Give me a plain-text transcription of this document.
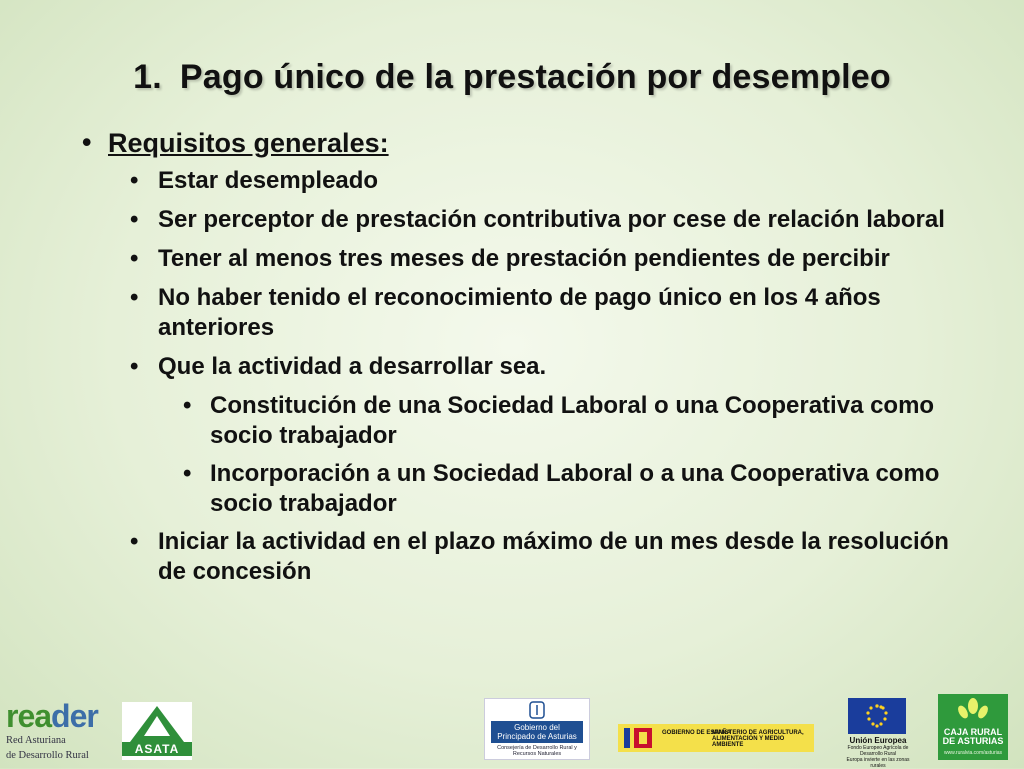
1. Pago único de la prestación por desempleo
• Requisitos generales:
• Estar desempleado
• Ser perceptor de prestación contributiva por cese de relación laboral
• Tener al menos tres meses de prestación pendientes de percibir
• No haber tenido el reconocimiento de pago único en los 4 años anteriores
• Que la actividad a desarrollar sea.
• Constitución de una Sociedad Laboral o una Cooperativa como socio trabajador
• Incorporación a un Sociedad Laboral o a una Cooperativa como socio trabajador
• Iniciar la actividad en el plazo máximo de un mes desde la resolución de concesión
reader
Red Asturiana
de Desarrollo Rural	ASATA
Gobierno del
Principado de Asturias
Consejería de Desarrollo Rural y Recursos Naturales
GOBIERNO DE ESPAÑA
MINISTERIO DE AGRICULTURA, ALIMENTACIÓN Y MEDIO AMBIENTE	Unión Europea
Fondo Europeo Agrícola de Desarrollo Rural
Europa invierte en las zonas rurales
CAJA RURAL
DE ASTURIAS
www.ruralvia.com/asturias
